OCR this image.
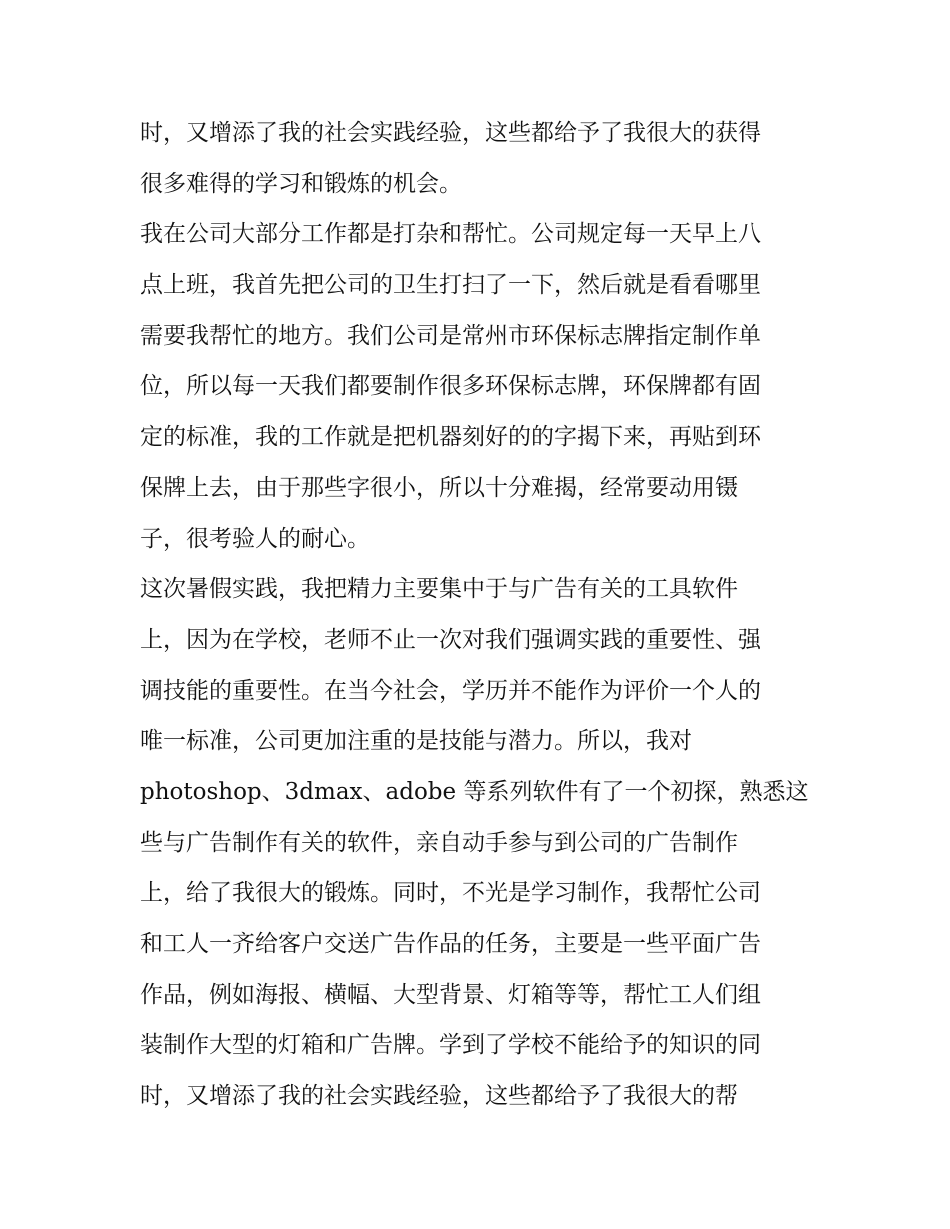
时，又增添了我的社会实践经验，这些都给予了我很大的获得
很多难得的学习和锻炼的机会。
我在公司大部分工作都是打杂和帮忙。公司规定每一天早上八
点上班，我首先把公司的卫生打扫了一下，然后就是看看哪里
需要我帮忙的地方。我们公司是常州市环保标志牌指定制作单
位，所以每一天我们都要制作很多环保标志牌，环保牌都有固
定的标准，我的工作就是把机器刻好的的字揭下来，再贴到环
保牌上去，由于那些字很小，所以十分难揭，经常要动用镊
子，很考验人的耐心。
这次暑假实践，我把精力主要集中于与广告有关的工具软件
上，因为在学校，老师不止一次对我们强调实践的重要性、强
调技能的重要性。在当今社会，学历并不能作为评价一个人的
唯一标准，公司更加注重的是技能与潜力。所以，我对
photoshop、3dmax、adobe 等系列软件有了一个初探，熟悉这
些与广告制作有关的软件，亲自动手参与到公司的广告制作
上，给了我很大的锻炼。同时，不光是学习制作，我帮忙公司
和工人一齐给客户交送广告作品的任务，主要是一些平面广告
作品，例如海报、横幅、大型背景、灯箱等等，帮忙工人们组
装制作大型的灯箱和广告牌。学到了学校不能给予的知识的同
时，又增添了我的社会实践经验，这些都给予了我很大的帮
